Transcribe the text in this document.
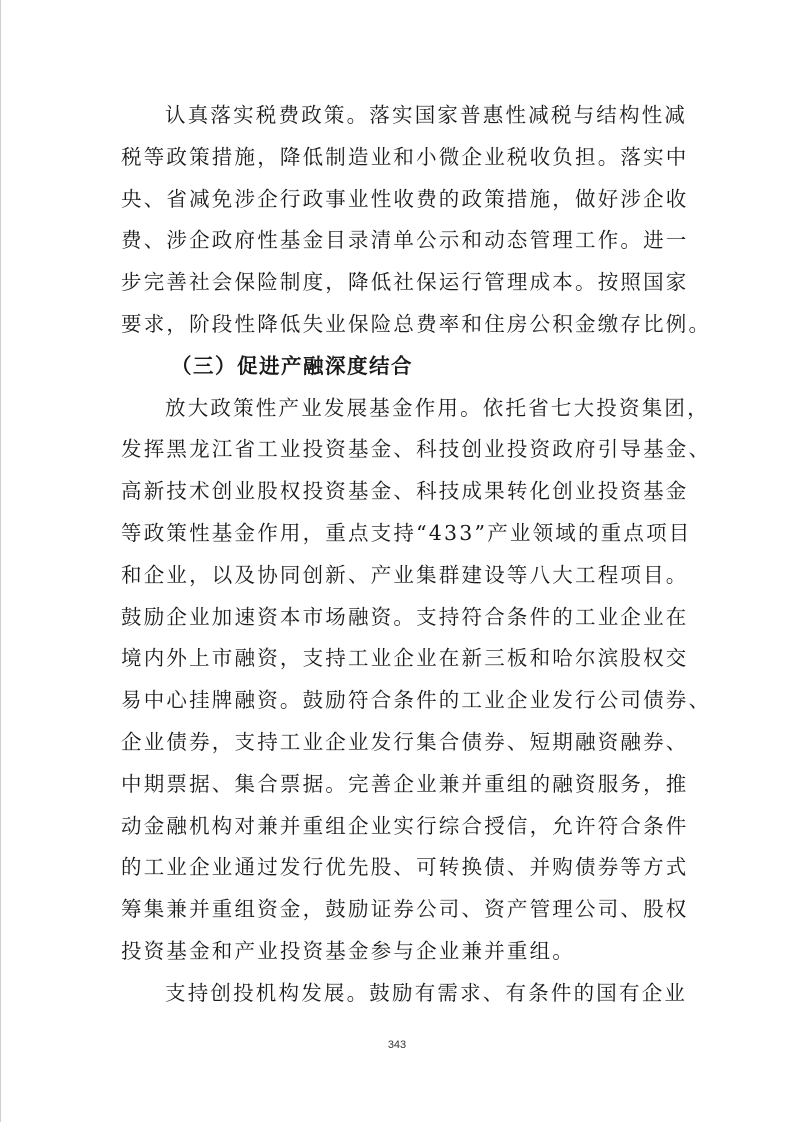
认真落实税费政策。落实国家普惠性减税与结构性减
税等政策措施，降低制造业和小微企业税收负担。落实中
央、省减免涉企行政事业性收费的政策措施，做好涉企收
费、涉企政府性基金目录清单公示和动态管理工作。进一
步完善社会保险制度，降低社保运行管理成本。按照国家
要求，阶段性降低失业保险总费率和住房公积金缴存比例。
（三）促进产融深度结合
放大政策性产业发展基金作用。依托省七大投资集团，
发挥黑龙江省工业投资基金、科技创业投资政府引导基金、
高新技术创业股权投资基金、科技成果转化创业投资基金
等政策性基金作用，重点支持“433”产业领域的重点项目
和企业，以及协同创新、产业集群建设等八大工程项目。
鼓励企业加速资本市场融资。支持符合条件的工业企业在
境内外上市融资，支持工业企业在新三板和哈尔滨股权交
易中心挂牌融资。鼓励符合条件的工业企业发行公司债券、
企业债券，支持工业企业发行集合债券、短期融资融券、
中期票据、集合票据。完善企业兼并重组的融资服务，推
动金融机构对兼并重组企业实行综合授信，允许符合条件
的工业企业通过发行优先股、可转换债、并购债券等方式
筹集兼并重组资金，鼓励证券公司、资产管理公司、股权
投资基金和产业投资基金参与企业兼并重组。
支持创投机构发展。鼓励有需求、有条件的国有企业
343
